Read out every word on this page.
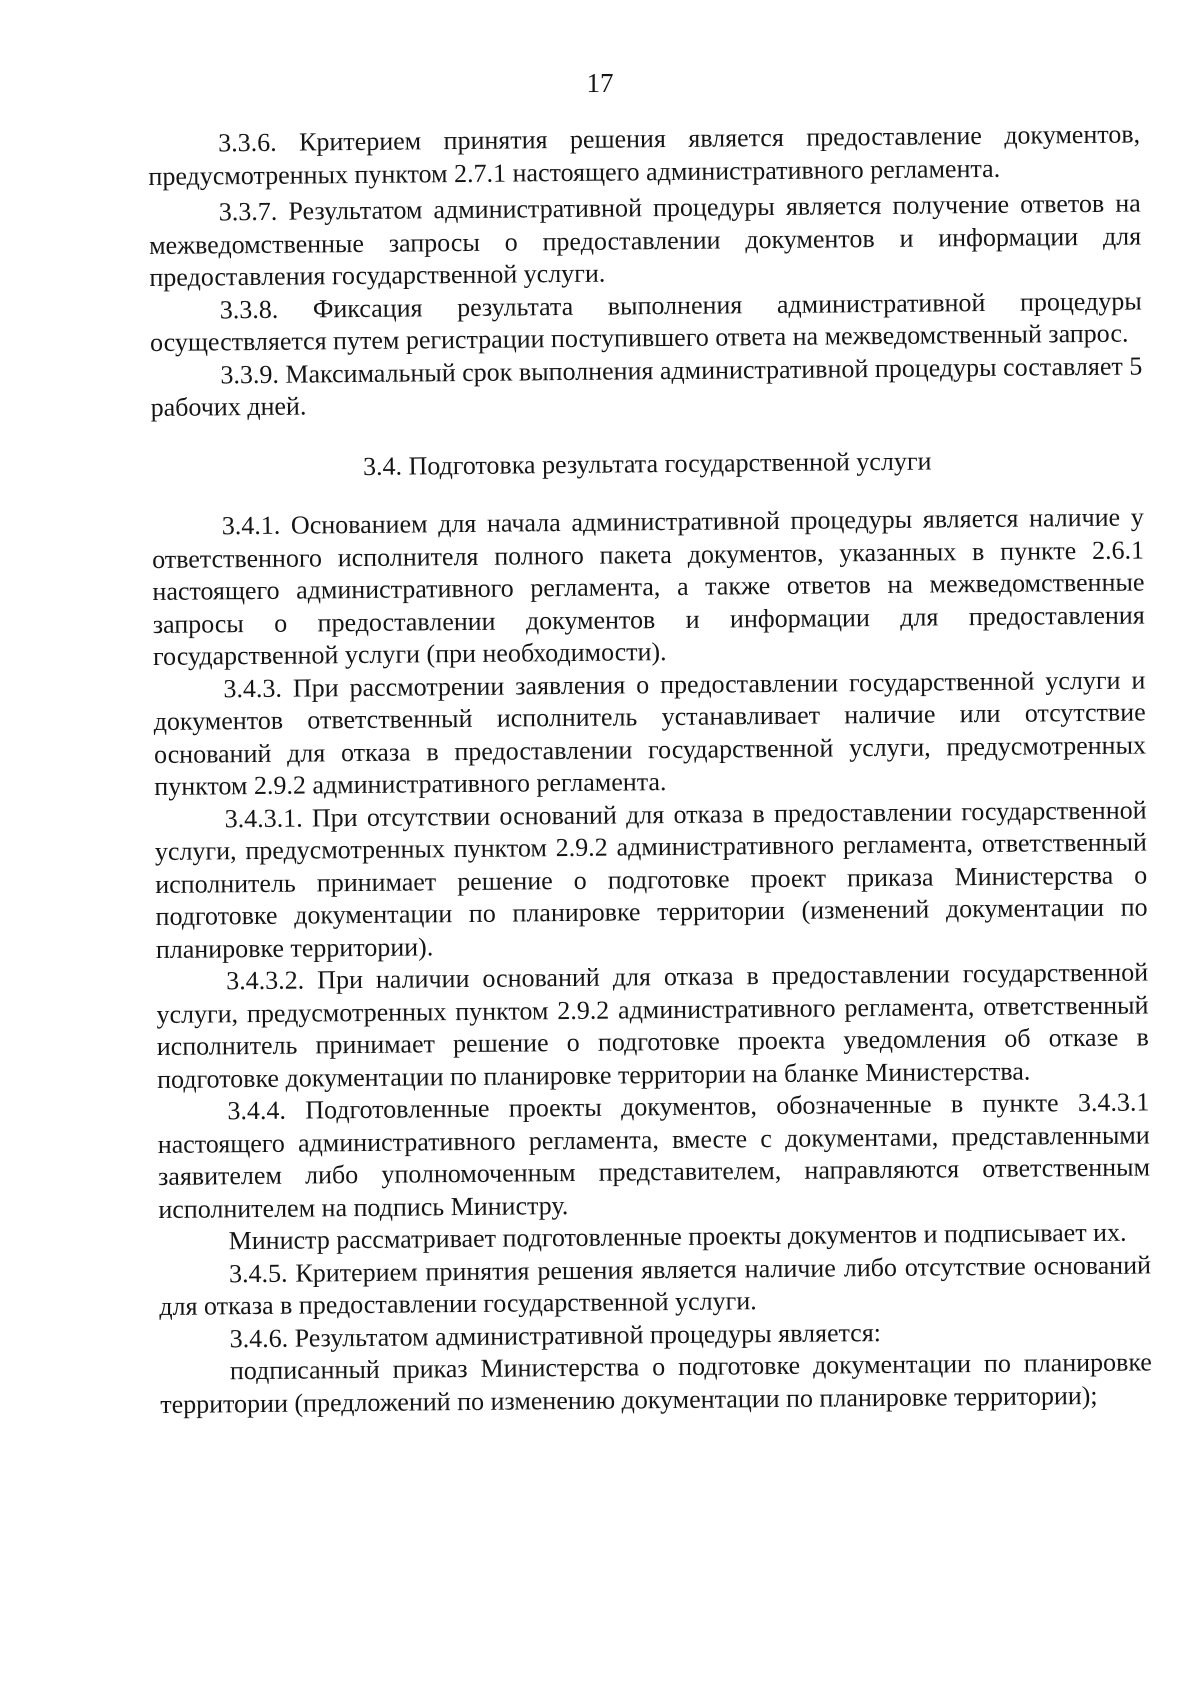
17

3.3.6. Критерием принятия решения является предоставление документов, предусмотренных пунктом 2.7.1 настоящего административного регламента.

3.3.7. Результатом административной процедуры является получение ответов на межведомственные запросы о предоставлении документов и информации для предоставления государственной услуги.

3.3.8. Фиксация результата выполнения административной процедуры осуществляется путем регистрации поступившего ответа на межведомственный запрос.

3.3.9. Максимальный срок выполнения административной процедуры составляет 5 рабочих дней.

3.4. Подготовка результата государственной услуги

3.4.1. Основанием для начала административной процедуры является наличие у ответственного исполнителя полного пакета документов, указанных в пункте 2.6.1 настоящего административного регламента, а также ответов на межведомственные запросы о предоставлении документов и информации для предоставления государственной услуги (при необходимости).

3.4.3. При рассмотрении заявления о предоставлении государственной услуги и документов ответственный исполнитель устанавливает наличие или отсутствие оснований для отказа в предоставлении государственной услуги, предусмотренных пунктом 2.9.2 административного регламента.

3.4.3.1. При отсутствии оснований для отказа в предоставлении государственной услуги, предусмотренных пунктом 2.9.2 административного регламента, ответственный исполнитель принимает решение о подготовке проект приказа Министерства о подготовке документации по планировке территории (изменений документации по планировке территории).

3.4.3.2. При наличии оснований для отказа в предоставлении государственной услуги, предусмотренных пунктом 2.9.2 административного регламента, ответственный исполнитель принимает решение о подготовке проекта уведомления об отказе в подготовке документации по планировке территории на бланке Министерства.

3.4.4. Подготовленные проекты документов, обозначенные в пункте 3.4.3.1 настоящего административного регламента, вместе с документами, представленными заявителем либо уполномоченным представителем, направляются ответственным исполнителем на подпись Министру.

Министр рассматривает подготовленные проекты документов и подписывает их.

3.4.5. Критерием принятия решения является наличие либо отсутствие оснований для отказа в предоставлении государственной услуги.

3.4.6. Результатом административной процедуры является:

подписанный приказ Министерства о подготовке документации по планировке территории (предложений по изменению документации по планировке территории);
